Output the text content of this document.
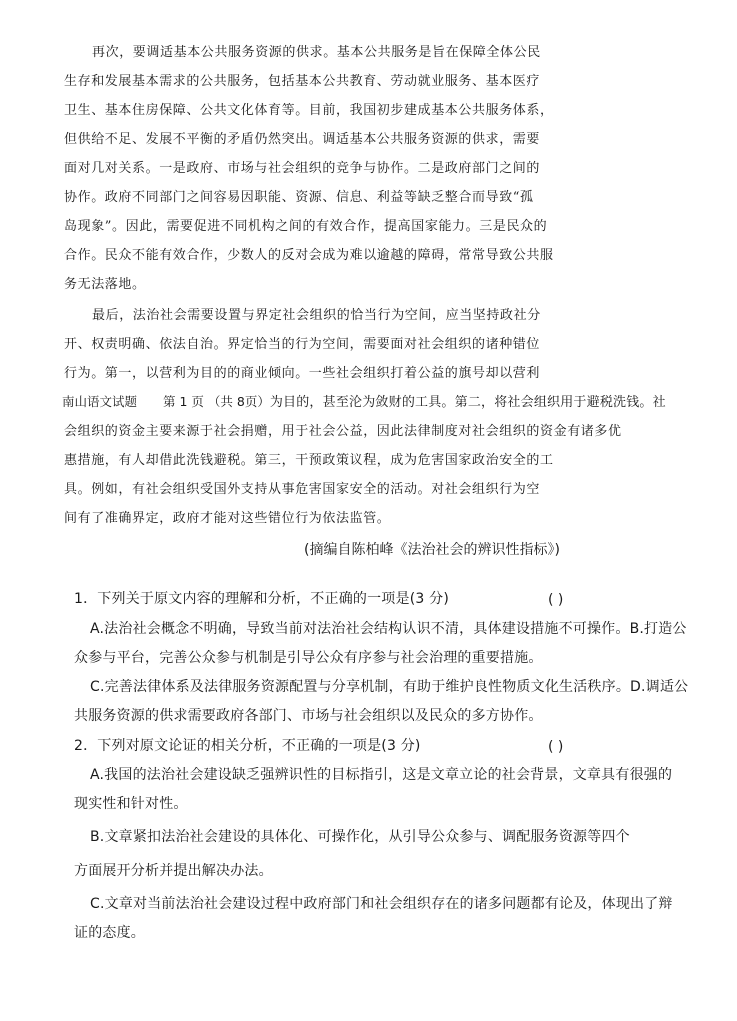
再次，要调适基本公共服务资源的供求。基本公共服务是旨在保障全体公民
生存和发展基本需求的公共服务，包括基本公共教育、劳动就业服务、基本医疗
卫生、基本住房保障、公共文化体育等。目前，我国初步建成基本公共服务体系，
但供给不足、发展不平衡的矛盾仍然突出。调适基本公共服务资源的供求，需要
面对几对关系。一是政府、市场与社会组织的竞争与协作。二是政府部门之间的
协作。政府不同部门之间容易因职能、资源、信息、利益等缺乏整合而导致“孤
岛现象”。因此，需要促进不同机构之间的有效合作，提高国家能力。三是民众的
合作。民众不能有效合作，少数人的反对会成为难以逾越的障碍，常常导致公共服
务无法落地。
最后，法治社会需要设置与界定社会组织的恰当行为空间，应当坚持政社分
开、权责明确、依法自治。界定恰当的行为空间，需要面对社会组织的诸种错位
行为。第一，以营利为目的的商业倾向。一些社会组织打着公益的旗号却以营利
南山语文试题 第 1 页 （共 8页）为目的，甚至沦为敛财的工具。第二，将社会组织用于避税洗钱。社
会组织的资金主要来源于社会捐赠，用于社会公益，因此法律制度对社会组织的资金有诸多优
惠措施，有人却借此洗钱避税。第三，干预政策议程，成为危害国家政治安全的工
具。例如，有社会组织受国外支持从事危害国家安全的活动。对社会组织行为空
间有了准确界定，政府才能对这些错位行为依法监管。
(摘编自陈柏峰《法治社会的辨识性指标》)
1．下列关于原文内容的理解和分析，不正确的一项是(3 分)	( )
A.法治社会概念不明确，导致当前对法治社会结构认识不清，具体建设措施不可操作。B.打造公
众参与平台，完善公众参与机制是引导公众有序参与社会治理的重要措施。
C.完善法律体系及法律服务资源配置与分享机制，有助于维护良性物质文化生活秩序。D.调适公
共服务资源的供求需要政府各部门、市场与社会组织以及民众的多方协作。
2．下列对原文论证的相关分析，不正确的一项是(3 分)	( )
A.我国的法治社会建设缺乏强辨识性的目标指引，这是文章立论的社会背景，文章具有很强的
现实性和针对性。
B.文章紧扣法治社会建设的具体化、可操作化，从引导公众参与、调配服务资源等四个
方面展开分析并提出解决办法。
C.文章对当前法治社会建设过程中政府部门和社会组织存在的诸多问题都有论及，体现出了辩
证的态度。
